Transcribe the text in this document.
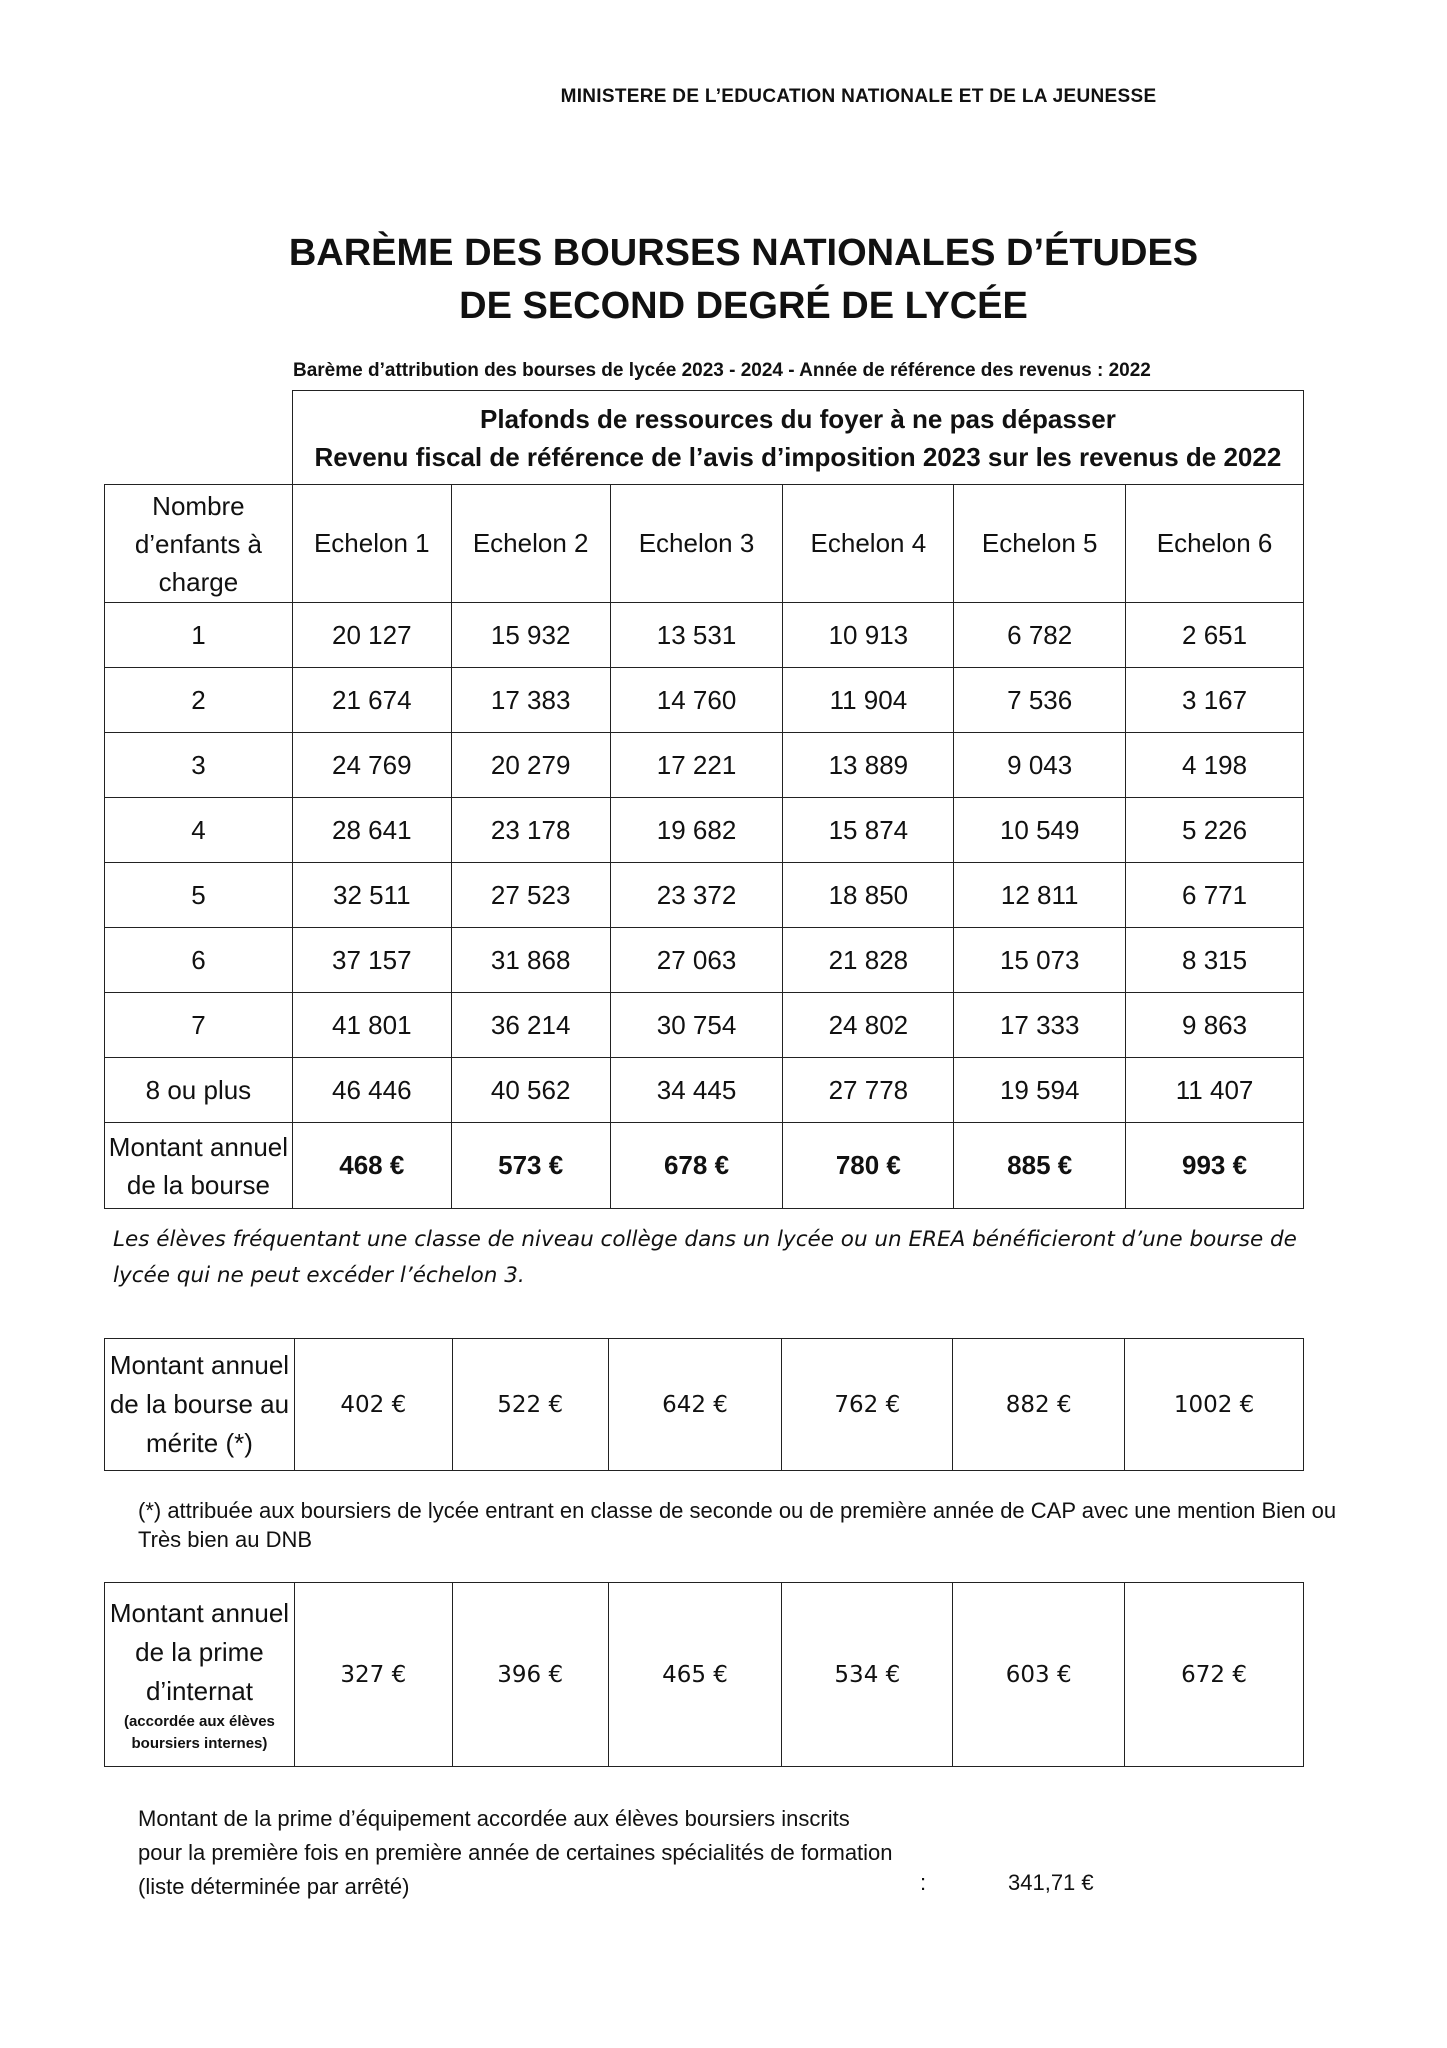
MINISTERE DE L’EDUCATION NATIONALE ET DE LA JEUNESSE
BARÈME DES BOURSES NATIONALES D’ÉTUDES
DE SECOND DEGRÉ DE LYCÉE
Barème d’attribution des bourses de lycée 2023 - 2024 - Année de référence des revenus : 2022

	Plafonds de ressources du foyer à ne pas dépasser
Revenu fiscal de référence de l’avis d’imposition 2023 sur les revenus de 2022					

Nombre
d’enfants à
charge	Echelon 1	Echelon 2	Echelon 3	Echelon 4	Echelon 5	Echelon 6
1	20 127	15 932	13 531	10 913	6 782	2 651
2	21 674	17 383	14 760	11 904	7 536	3 167
3	24 769	20 279	17 221	13 889	9 043	4 198
4	28 641	23 178	19 682	15 874	10 549	5 226
5	32 511	27 523	23 372	18 850	12 811	6 771
6	37 157	31 868	27 063	21 828	15 073	8 315
7	41 801	36 214	30 754	24 802	17 333	9 863
8 ou plus	46 446	40 562	34 445	27 778	19 594	11 407

Montant annuel
de la bourse	468 €	573 €	678 €	780 €	885 €	993 €
Les élèves fréquentant une classe de niveau collège dans un lycée ou un EREA bénéficieront d’une bourse de
lycée qui ne peut excéder l’échelon 3.
Montant annuel
de la bourse au
mérite (*)
	402 €	522 €	642 €	762 €	882 €	1002 €
(*) attribuée aux boursiers de lycée entrant en classe de seconde ou de première année de CAP avec une mention Bien ou
Très bien au DNB
Montant annuel
de la prime
d’internat
(accordée aux élèves
boursiers internes)
	327 €	396 €	465 €	534 €	603 €	672 €
Montant de la prime d’équipement accordée aux élèves boursiers inscrits
pour la première fois en première année de certaines spécialités de formation
(liste déterminée par arrêté)	:	341,71 €
